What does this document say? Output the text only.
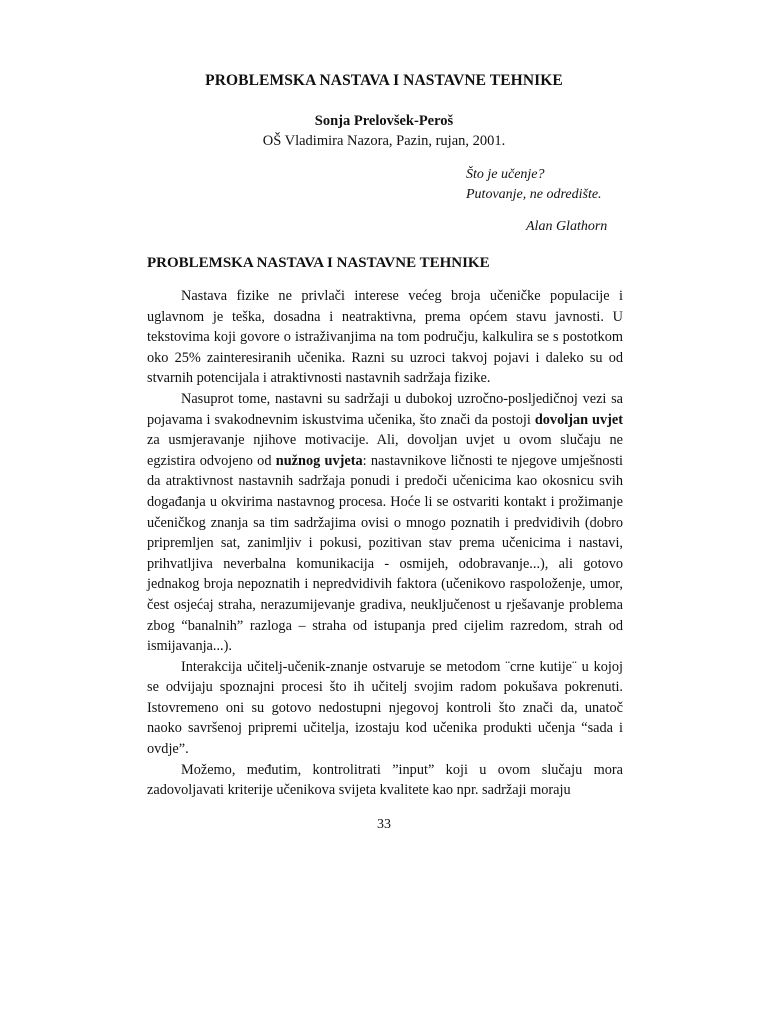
PROBLEMSKA NASTAVA I NASTAVNE TEHNIKE
Sonja Prelovšek-Peroš
OŠ Vladimira Nazora, Pazin, rujan, 2001.
Što je učenje?
Putovanje, ne odredište.
Alan Glathorn
PROBLEMSKA NASTAVA I NASTAVNE TEHNIKE

Nastava fizike ne privlači interese većeg broja učeničke populacije i uglavnom je teška, dosadna i neatraktivna, prema općem stavu javnosti. U tekstovima koji govore o istraživanjima na tom području, kalkulira se s postotkom oko 25% zainteresiranih učenika. Razni su uzroci takvoj pojavi i daleko su od stvarnih potencijala i atraktivnosti nastavnih sadržaja fizike.

Nasuprot tome, nastavni su sadržaji u dubokoj uzročno-posljedičnoj vezi sa pojavama i svakodnevnim iskustvima učenika, što znači da postoji dovoljan uvjet za usmjeravanje njihove motivacije. Ali, dovoljan uvjet u ovom slučaju ne egzistira odvojeno od nužnog uvjeta: nastavnikove ličnosti te njegove umješnosti da atraktivnost nastavnih sadržaja ponudi i predoči učenicima kao okosnicu svih događanja u okvirima nastavnog procesa. Hoće li se ostvariti kontakt i prožimanje učeničkog znanja sa tim sadržajima ovisi o mnogo poznatih i predvidivih (dobro pripremljen sat, zanimljiv i pokusi, pozitivan stav prema učenicima i nastavi, prihvatljiva neverbalna komunikacija - osmijeh, odobravanje...), ali gotovo jednakog broja nepoznatih i nepredvidivih faktora (učenikovo raspoloženje, umor, čest osjećaj straha, nerazumijevanje gradiva, neuključenost u rješavanje problema zbog “banalnih” razloga – straha od istupanja pred cijelim razredom, strah od ismijavanja...).

Interakcija učitelj-učenik-znanje ostvaruje se metodom ¨crne kutije¨ u kojoj se odvijaju spoznajni procesi što ih učitelj svojim radom pokušava pokrenuti. Istovremeno oni su gotovo nedostupni njegovoj kontroli što znači da, unatoč naoko savršenoj pripremi učitelja, izostaju kod učenika produkti učenja “sada i ovdje”.

Možemo, međutim, kontrolitrati ”input” koji u ovom slučaju mora zadovoljavati kriterije učenikova svijeta kvalitete kao npr. sadržaji moraju

33
